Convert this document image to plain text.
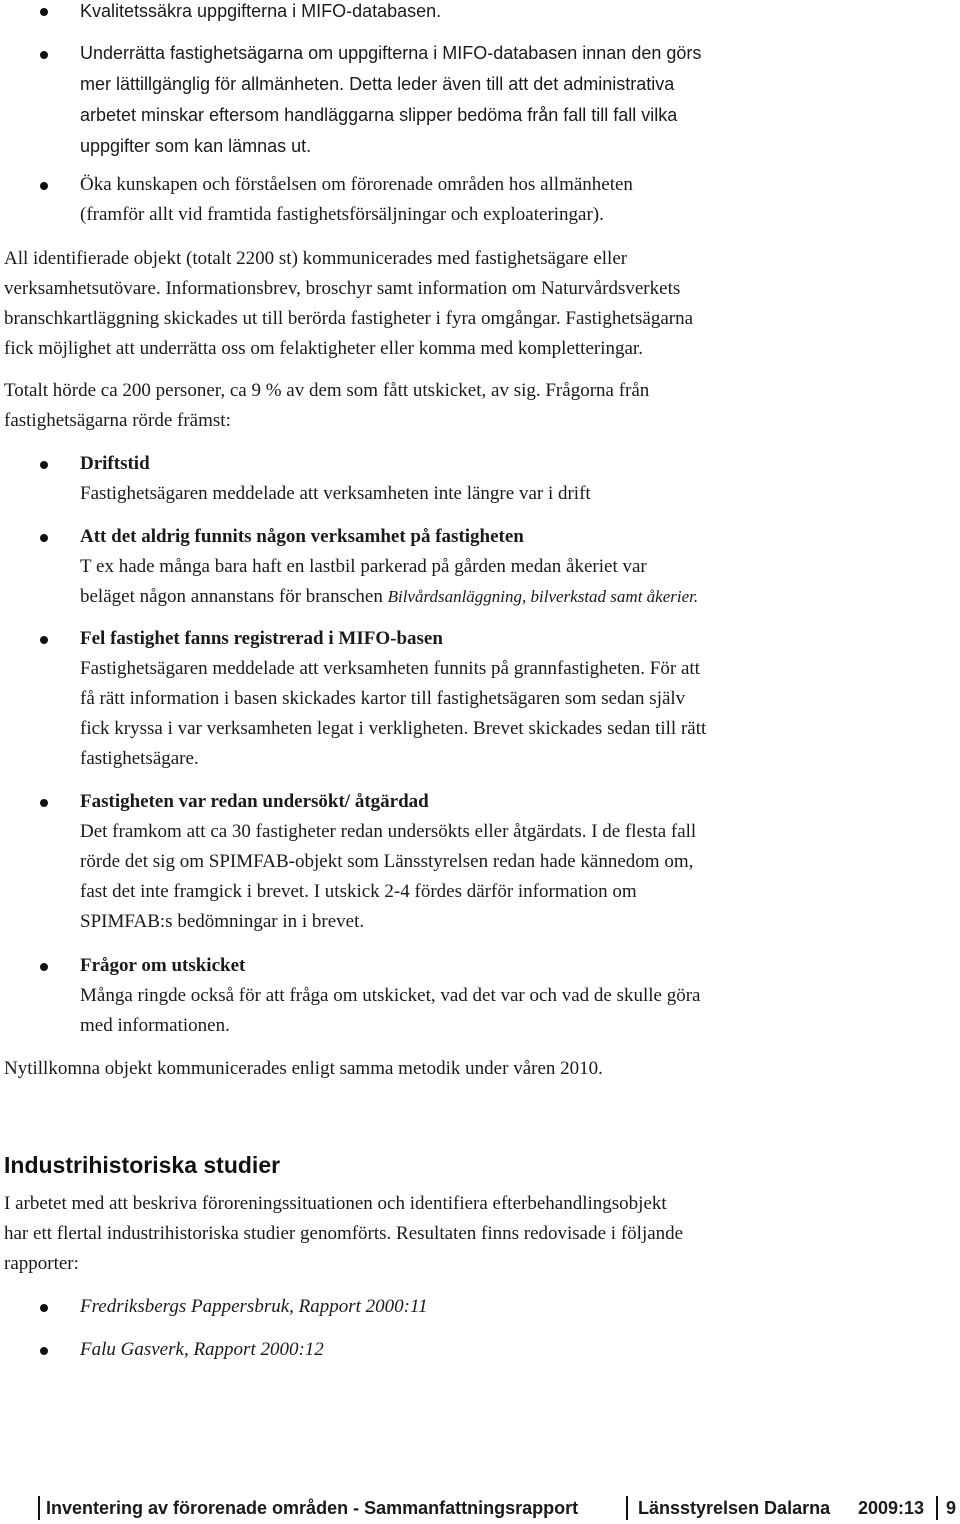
Kvalitetssäkra uppgifterna i MIFO-databasen.
Underrätta fastighetsägarna om uppgifterna i MIFO-databasen innan den görs
mer lättillgänglig för allmänheten. Detta leder även till att det administrativa
arbetet minskar eftersom handläggarna slipper bedöma från fall till fall vilka
uppgifter som kan lämnas ut.
Öka kunskapen och förståelsen om förorenade områden hos allmänheten
(framför allt vid framtida fastighetsförsäljningar och exploateringar).
All identifierade objekt (totalt 2200 st) kommunicerades med fastighetsägare eller
verksamhetsutövare. Informationsbrev, broschyr samt information om Naturvårdsverkets
branschkartläggning skickades ut till berörda fastigheter i fyra omgångar. Fastighetsägarna
fick möjlighet att underrätta oss om felaktigheter eller komma med kompletteringar.
Totalt hörde ca 200 personer, ca 9 % av dem som fått utskicket, av sig. Frågorna från
fastighetsägarna rörde främst:
Driftstid
Fastighetsägaren meddelade att verksamheten inte längre var i drift
Att det aldrig funnits någon verksamhet på fastigheten
T ex hade många bara haft en lastbil parkerad på gården medan åkeriet var
beläget någon annanstans för branschen Bilvårdsanläggning, bilverkstad samt åkerier.
Fel fastighet fanns registrerad i MIFO-basen
Fastighetsägaren meddelade att verksamheten funnits på grannfastigheten. För att
få rätt information i basen skickades kartor till fastighetsägaren som sedan själv
fick kryssa i var verksamheten legat i verkligheten. Brevet skickades sedan till rätt
fastighetsägare.
Fastigheten var redan undersökt/ åtgärdad
Det framkom att ca 30 fastigheter redan undersökts eller åtgärdats. I de flesta fall
rörde det sig om SPIMFAB-objekt som Länsstyrelsen redan hade kännedom om,
fast det inte framgick i brevet. I utskick 2-4 fördes därför information om
SPIMFAB:s bedömningar in i brevet.
Frågor om utskicket
Många ringde också för att fråga om utskicket, vad det var och vad de skulle göra
med informationen.
Nytillkomna objekt kommunicerades enligt samma metodik under våren 2010.
Industrihistoriska studier
I arbetet med att beskriva föroreningssituationen och identifiera efterbehandlingsobjekt
har ett flertal industrihistoriska studier genomförts. Resultaten finns redovisade i följande
rapporter:
Fredriksbergs Pappersbruk, Rapport 2000:11
Falu Gasverk, Rapport 2000:12
Inventering av förorenade områden - Sammanfattningsrapport	Länsstyrelsen Dalarna 2009:13 9
